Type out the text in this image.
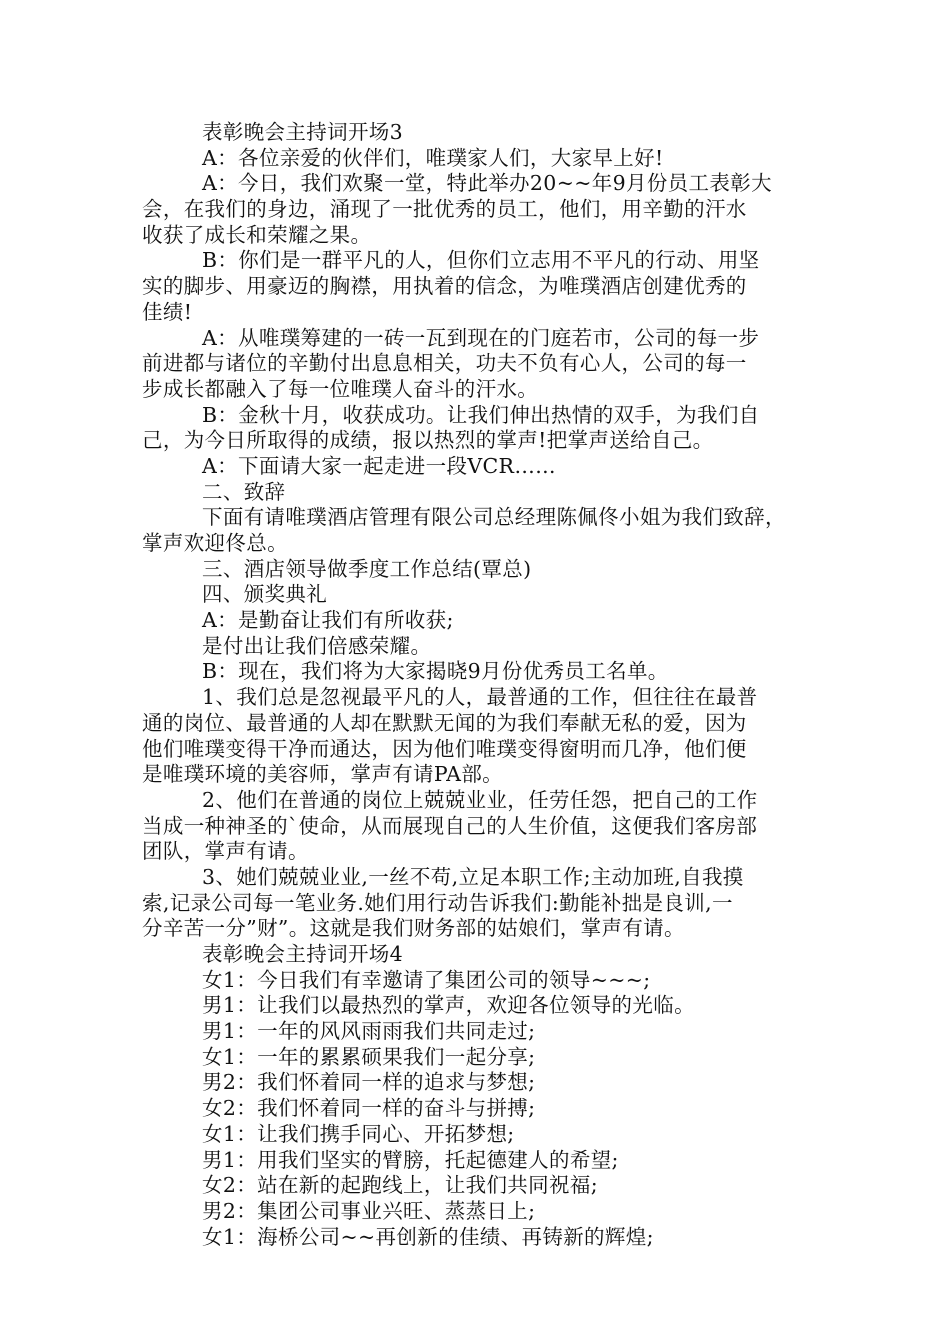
表彰晚会主持词开场3
A：各位亲爱的伙伴们，唯璞家人们，大家早上好!
A：今日，我们欢聚一堂，特此举办20~~年9月份员工表彰大
会，在我们的身边，涌现了一批优秀的员工，他们，用辛勤的汗水
收获了成长和荣耀之果。
B：你们是一群平凡的人，但你们立志用不平凡的行动、用坚
实的脚步、用豪迈的胸襟，用执着的信念，为唯璞酒店创建优秀的
佳绩!
A：从唯璞筹建的一砖一瓦到现在的门庭若市，公司的每一步
前进都与诸位的辛勤付出息息相关，功夫不负有心人，公司的每一
步成长都融入了每一位唯璞人奋斗的汗水。
B：金秋十月，收获成功。让我们伸出热情的双手，为我们自
己，为今日所取得的成绩，报以热烈的掌声!把掌声送给自己。
A：下面请大家一起走进一段VCR……
二、致辞
下面有请唯璞酒店管理有限公司总经理陈佩佟小姐为我们致辞，
掌声欢迎佟总。
三、酒店领导做季度工作总结(覃总)
四、颁奖典礼
A：是勤奋让我们有所收获;
是付出让我们倍感荣耀。
B：现在，我们将为大家揭晓9月份优秀员工名单。
1、我们总是忽视最平凡的人，最普通的工作，但往往在最普
通的岗位、最普通的人却在默默无闻的为我们奉献无私的爱，因为
他们唯璞变得干净而通达，因为他们唯璞变得窗明而几净，他们便
是唯璞环境的美容师，掌声有请PA部。
2、他们在普通的岗位上兢兢业业，任劳任怨，把自己的工作
当成一种神圣的`使命，从而展现自己的人生价值，这便我们客房部
团队，掌声有请。
3、她们兢兢业业,一丝不苟,立足本职工作;主动加班,自我摸
索,记录公司每一笔业务.她们用行动告诉我们:勤能补拙是良训,一
分辛苦一分”财”。这就是我们财务部的姑娘们，掌声有请。
表彰晚会主持词开场4
女1：今日我们有幸邀请了集团公司的领导~~~;
男1：让我们以最热烈的掌声，欢迎各位领导的光临。
男1：一年的风风雨雨我们共同走过;
女1：一年的累累硕果我们一起分享;
男2：我们怀着同一样的追求与梦想;
女2：我们怀着同一样的奋斗与拼搏;
女1：让我们携手同心、开拓梦想;
男1：用我们坚实的臂膀，托起德建人的希望;
女2：站在新的起跑线上，让我们共同祝福;
男2：集团公司事业兴旺、蒸蒸日上;
女1：海桥公司~~再创新的佳绩、再铸新的辉煌;
